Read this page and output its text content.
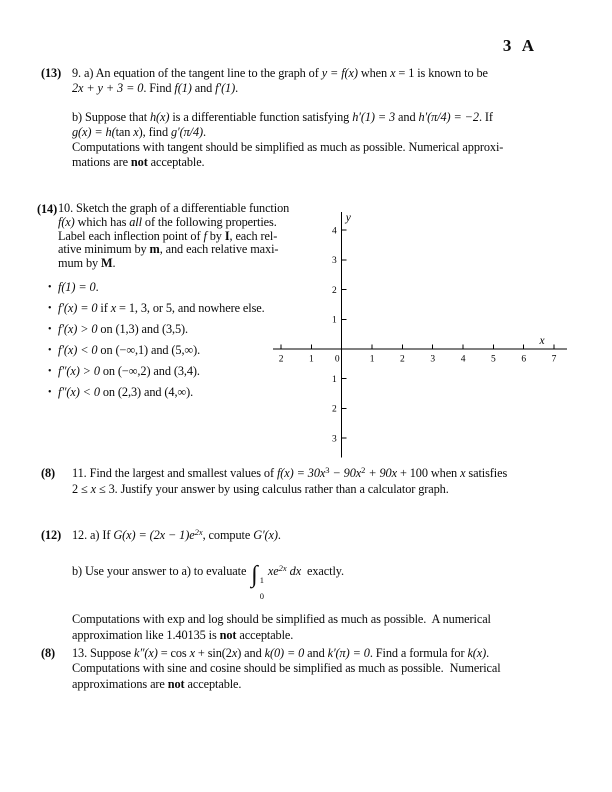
3 A
(13) 9. a) An equation of the tangent line to the graph of y = f(x) when x = 1 is known to be
2x + y + 3 = 0. Find f(1) and f′(1).
b) Suppose that h(x) is a differentiable function satisfying h′(1) = 3 and h′(π/4) = −2. If
g(x) = h(tan x), find g′(π/4).
Computations with tangent should be simplified as much as possible. Numerical approxi-
mations are not acceptable.
(14) 10. Sketch the graph of a differentiable function
f(x) which has all of the following properties.
Label each inflection point of f by I, each rel-
ative minimum by m, and each relative maxi-
mum by M.
• f(1) = 0 .
• f′(x) = 0 if x = 1, 3, or 5, and nowhere else.
• f′(x) > 0 on (1,3) and (3,5).
• f′(x) < 0 on (−∞,1) and (5,∞).
• f″(x) > 0 on (−∞,2) and (3,4).
• f″(x) < 0 on (2,3) and (4,∞).
2	1 0	1	2	3	4	5	6	7
4
3
2
1
1
2
3
y
x
(8)	11. Find the largest and smallest values of $f(x) = 30x^3 - 90x^2 + 90x + 100$ when x satisfies
2 ≤ x ≤ 3. Justify your answer by using calculus rather than a calculator graph.
(12) 12. a) If $G(x) = (2x - 1)e^{2x}$, compute G′(x).
b) Use your answer to a) to evaluate ∫ 1
0
$xe^{2x}$ dx  exactly.
Computations with exp and log should be simplified as much as possible.  A numerical
approximation like 1.40135 is not acceptable.
(8)	13. Suppose k″(x) = cos x + sin(2x) and k(0) = 0 and k′(π) = 0. Find a formula for k(x).
Computations with sine and cosine should be simplified as much as possible.  Numerical
approximations are not acceptable.
